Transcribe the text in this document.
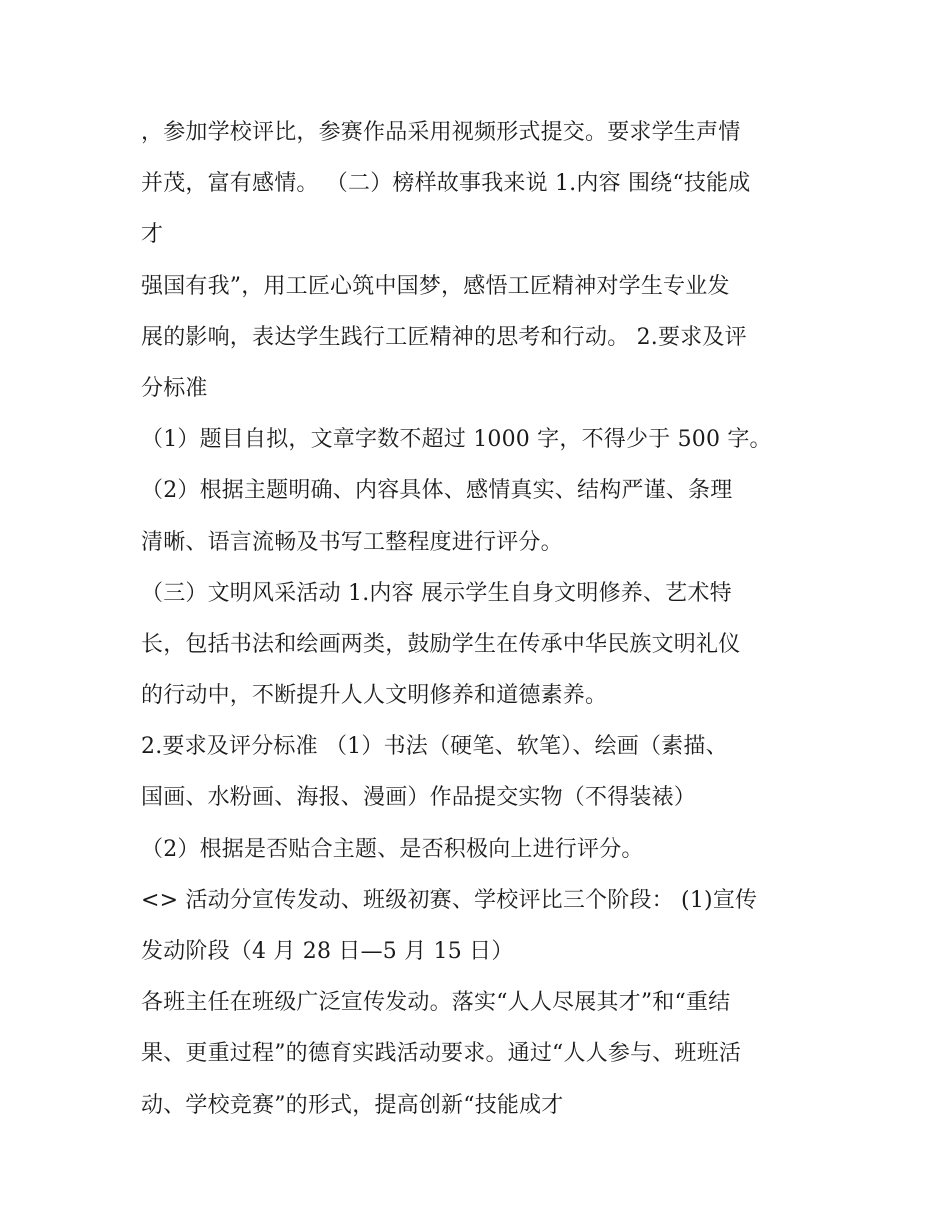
，参加学校评比，参赛作品采用视频形式提交。要求学生声情
并茂，富有感情。 （二）榜样故事我来说 1.内容 围绕“技能成
才
强国有我”，用工匠心筑中国梦，感悟工匠精神对学生专业发
展的影响，表达学生践行工匠精神的思考和行动。 2.要求及评
分标准
（1）题目自拟，文章字数不超过 1000 字，不得少于 500 字。
（2）根据主题明确、内容具体、感情真实、结构严谨、条理
清晰、语言流畅及书写工整程度进行评分。
（三）文明风采活动 1.内容 展示学生自身文明修养、艺术特
长，包括书法和绘画两类，鼓励学生在传承中华民族文明礼仪
的行动中，不断提升人人文明修养和道德素养。
2.要求及评分标准 （1）书法（硬笔、软笔）、绘画（素描、
国画、水粉画、海报、漫画）作品提交实物（不得装裱）
（2）根据是否贴合主题、是否积极向上进行评分。
<> 活动分宣传发动、班级初赛、学校评比三个阶段： (1)宣传
发动阶段（4 月 28 日—5 月 15 日）
各班主任在班级广泛宣传发动。落实“人人尽展其才”和“重结
果、更重过程”的德育实践活动要求。通过“人人参与、班班活
动、学校竞赛”的形式，提高创新“技能成才
